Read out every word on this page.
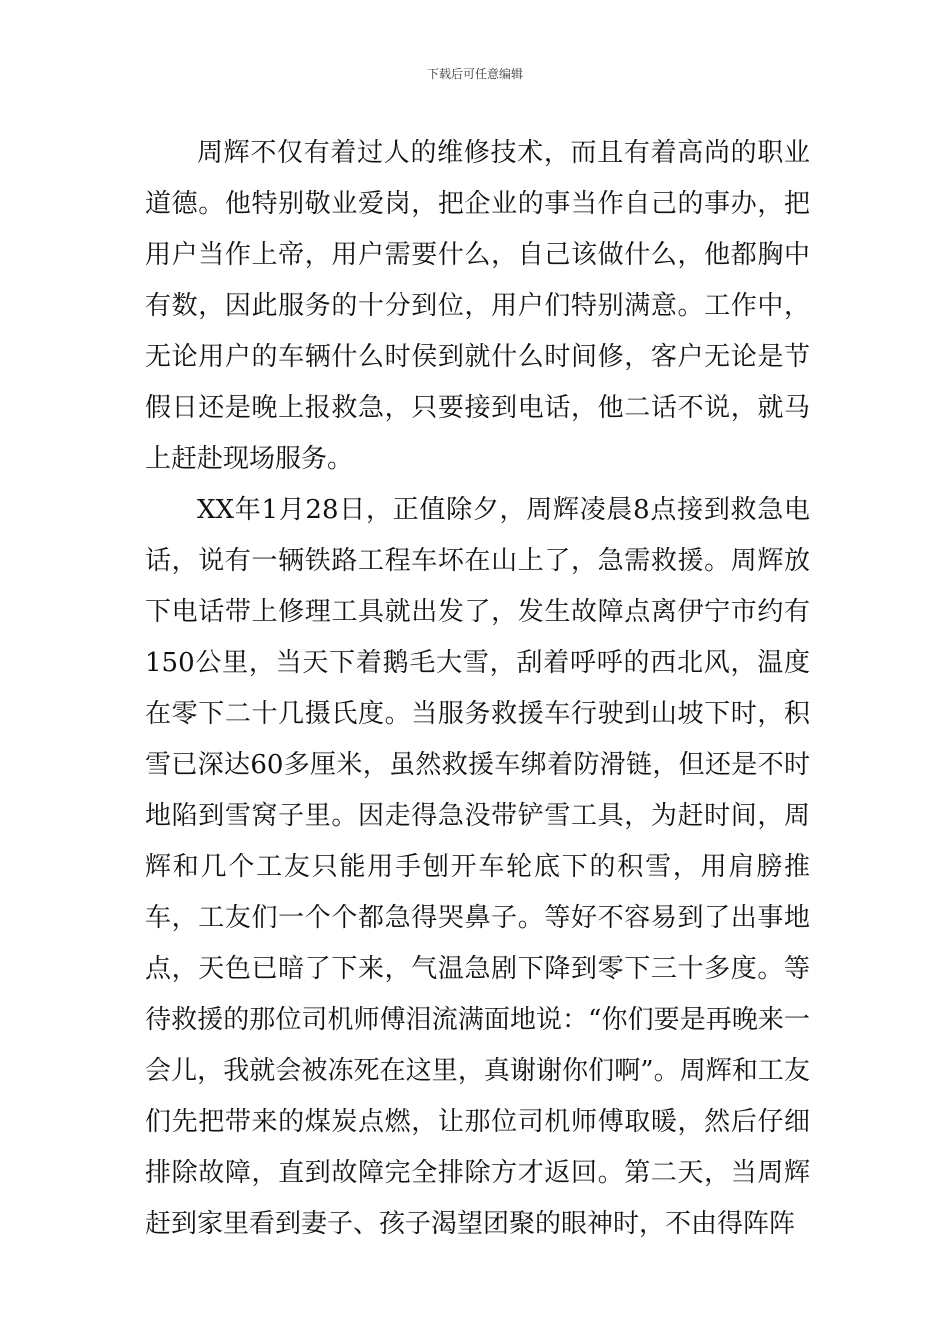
下载后可任意编辑

周辉不仅有着过人的维修技术，而且有着高尚的职业道德。他特别敬业爱岗，把企业的事当作自己的事办，把用户当作上帝，用户需要什么，自己该做什么，他都胸中有数，因此服务的十分到位，用户们特别满意。工作中，无论用户的车辆什么时侯到就什么时间修，客户无论是节假日还是晚上报救急，只要接到电话，他二话不说，就马上赶赴现场服务。

XX年1月28日，正值除夕，周辉凌晨8点接到救急电话，说有一辆铁路工程车坏在山上了，急需救援。周辉放下电话带上修理工具就出发了，发生故障点离伊宁市约有150公里，当天下着鹅毛大雪，刮着呼呼的西北风，温度在零下二十几摄氏度。当服务救援车行驶到山坡下时，积雪已深达60多厘米，虽然救援车绑着防滑链，但还是不时地陷到雪窝子里。因走得急没带铲雪工具，为赶时间，周辉和几个工友只能用手刨开车轮底下的积雪，用肩膀推车，工友们一个个都急得哭鼻子。等好不容易到了出事地点，天色已暗了下来，气温急剧下降到零下三十多度。等待救援的那位司机师傅泪流满面地说：“你们要是再晚来一会儿，我就会被冻死在这里，真谢谢你们啊”。周辉和工友们先把带来的煤炭点燃，让那位司机师傅取暖，然后仔细排除故障，直到故障完全排除方才返回。第二天，当周辉赶到家里看到妻子、孩子渴望团聚的眼神时，不由得阵阵
